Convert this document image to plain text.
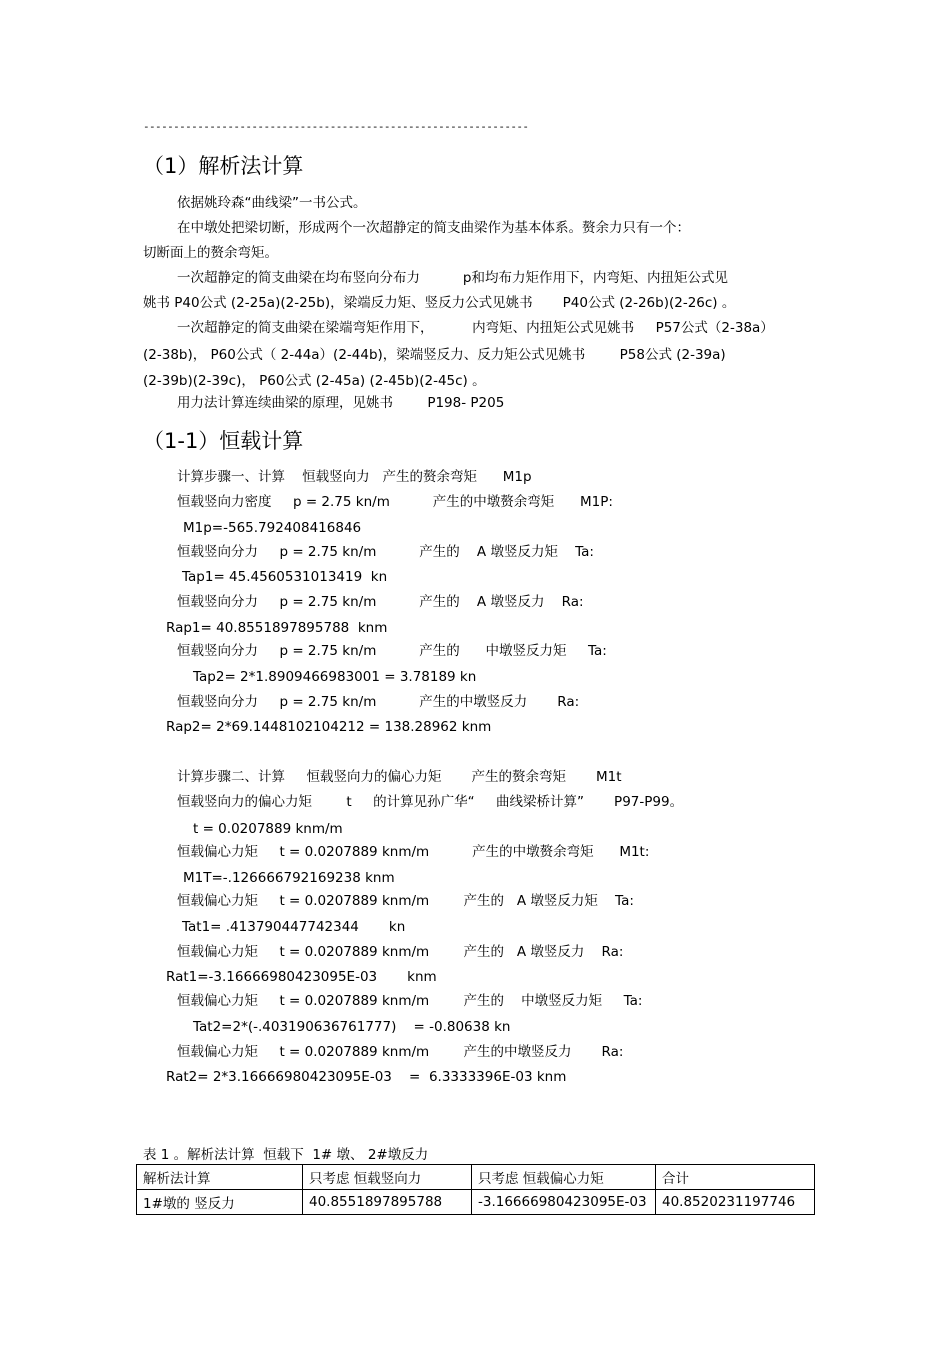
----------------------------------------------------------------
（1）解析法计算
依据姚玲森“曲线梁”一书公式。
在中墩处把梁切断，形成两个一次超静定的简支曲梁作为基本体系。赘余力只有一个：
切断面上的赘余弯矩。
一次超静定的简支曲梁在均布竖向分布力          p和均布力矩作用下，内弯矩、内扭矩公式见
姚书 P40公式 (2-25a)(2-25b)，梁端反力矩、竖反力公式见姚书       P40公式 (2-26b)(2-26c) 。
一次超静定的简支曲梁在梁端弯矩作用下，         内弯矩、内扭矩公式见姚书     P57公式（2-38a）
(2-38b)， P60公式（ 2-44a）(2-44b)，梁端竖反力、反力矩公式见姚书        P58公式 (2-39a)
(2-39b)(2-39c)， P60公式 (2-45a) (2-45b)(2-45c) 。
用力法计算连续曲梁的原理，见姚书        P198- P205
（1-1）恒载计算
计算步骤一、计算    恒载竖向力   产生的赘余弯矩      M1p
恒载竖向力密度     p = 2.75 kn/m          产生的中墩赘余弯矩      M1P:
M1p=-565.792408416846
恒载竖向分力     p = 2.75 kn/m          产生的    A 墩竖反力矩    Ta:
Tap1= 45.4560531013419  kn
恒载竖向分力     p = 2.75 kn/m          产生的    A 墩竖反力    Ra:
Rap1= 40.8551897895788  knm
恒载竖向分力     p = 2.75 kn/m          产生的      中墩竖反力矩     Ta:
Tap2= 2*1.8909466983001 = 3.78189 kn
恒载竖向分力     p = 2.75 kn/m          产生的中墩竖反力       Ra:
Rap2= 2*69.1448102104212 = 138.28962 knm
计算步骤二、计算     恒载竖向力的偏心力矩       产生的赘余弯矩       M1t
恒载竖向力的偏心力矩        t     的计算见孙广华“     曲线梁桥计算”       P97-P99。
t = 0.0207889 knm/m
恒载偏心力矩     t = 0.0207889 knm/m          产生的中墩赘余弯矩      M1t:
M1T=-.126666792169238 knm
恒载偏心力矩     t = 0.0207889 knm/m        产生的   A 墩竖反力矩    Ta:
Tat1= .413790447742344       kn
恒载偏心力矩     t = 0.0207889 knm/m        产生的   A 墩竖反力    Ra:
Rat1=-3.16666980423095E-03       knm
恒载偏心力矩     t = 0.0207889 knm/m        产生的    中墩竖反力矩     Ta:
Tat2=2*(-.403190636761777)    = -0.80638 kn
恒载偏心力矩     t = 0.0207889 knm/m        产生的中墩竖反力       Ra:
Rat2= 2*3.16666980423095E-03    =  6.3333396E-03 knm
表 1 。解析法计算  恒载下  1# 墩、 2#墩反力
解析法计算	只考虑 恒载竖向力	只考虑 恒载偏心力矩	合计
1#墩的 竖反力	40.8551897895788	-3.16666980423095E-03	40.8520231197746
